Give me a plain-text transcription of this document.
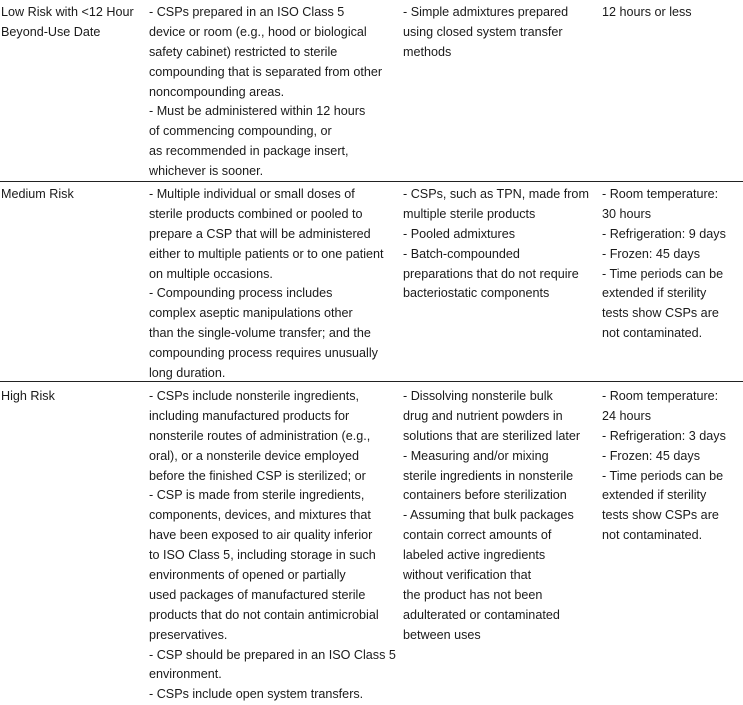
Low Risk with <12 Hour
Beyond-Use Date
- CSPs prepared in an ISO Class 5
device or room (e.g., hood or biological
safety cabinet) restricted to sterile
compounding that is separated from other
noncompounding areas.
- Must be administered within 12 hours
of commencing compounding, or
as recommended in package insert,
whichever is sooner.
- Simple admixtures prepared
using closed system transfer
methods
12 hours or less
Medium Risk	- Multiple individual or small doses of
sterile products combined or pooled to
prepare a CSP that will be administered
either to multiple patients or to one patient
on multiple occasions.
- Compounding process includes
complex aseptic manipulations other
than the single-volume transfer; and the
compounding process requires unusually
long duration.
- CSPs, such as TPN, made from
multiple sterile products
- Pooled admixtures
- Batch-compounded
preparations that do not require
bacteriostatic components
- Room temperature:
30 hours
- Refrigeration: 9 days
- Frozen: 45 days
- Time periods can be
extended if sterility
tests show CSPs are
not contaminated.
High Risk	- CSPs include nonsterile ingredients,
including manufactured products for
nonsterile routes of administration (e.g.,
oral), or a nonsterile device employed
before the finished CSP is sterilized; or
- CSP is made from sterile ingredients,
components, devices, and mixtures that
have been exposed to air quality inferior
to ISO Class 5, including storage in such
environments of opened or partially
used packages of manufactured sterile
products that do not contain antimicrobial
preservatives.
- CSP should be prepared in an ISO Class 5
environment.
- CSPs include open system transfers.
- Dissolving nonsterile bulk
drug and nutrient powders in
solutions that are sterilized later
- Measuring and/or mixing
sterile ingredients in nonsterile
containers before sterilization
- Assuming that bulk packages
contain correct amounts of
labeled active ingredients
without verification that
the product has not been
adulterated or contaminated
between uses
- Room temperature:
24 hours
- Refrigeration: 3 days
- Frozen: 45 days
- Time periods can be
extended if sterility
tests show CSPs are
not contaminated.
